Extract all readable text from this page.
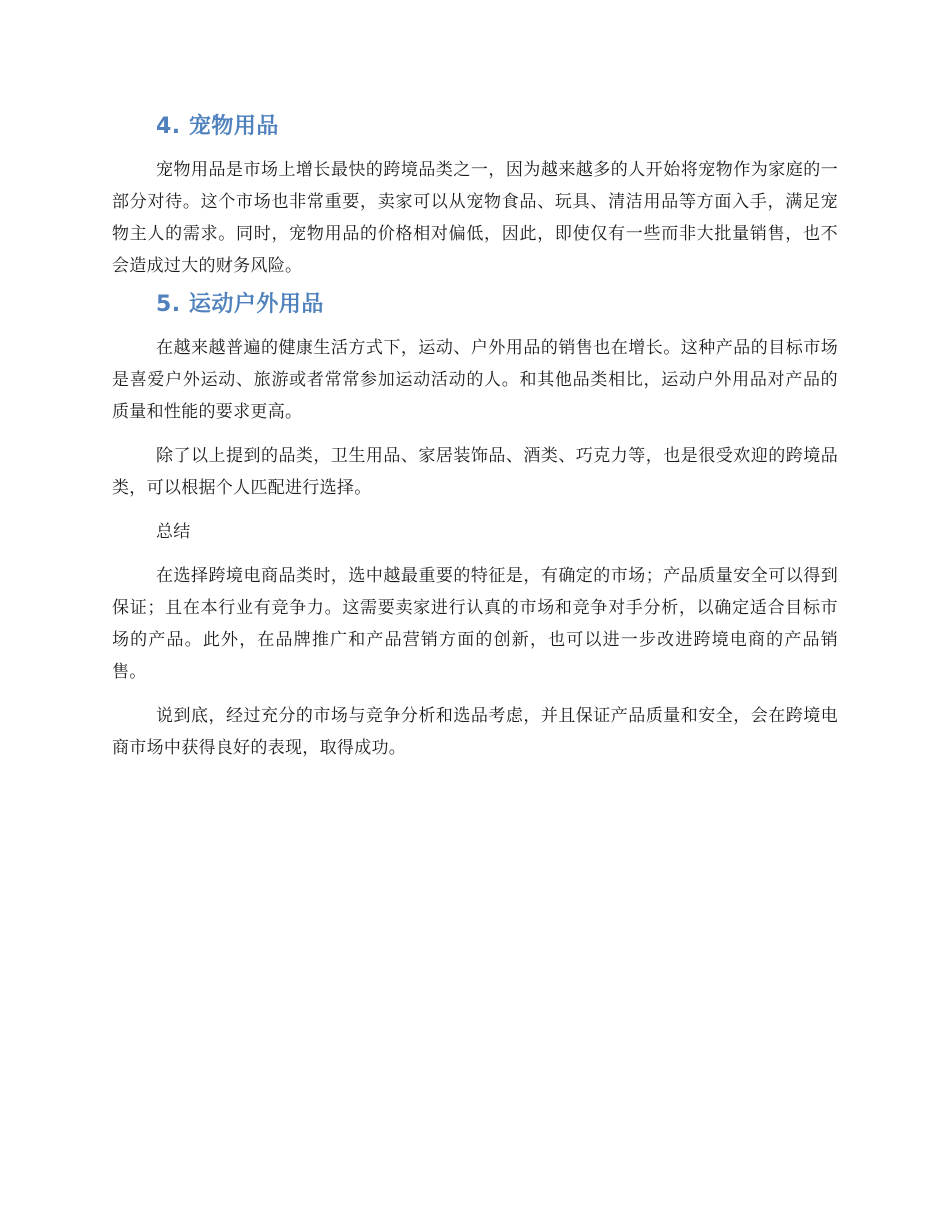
4. 宠物用品

宠物用品是市场上增长最快的跨境品类之一，因为越来越多的人开始将宠物作为家庭的一部分对待。这个市场也非常重要，卖家可以从宠物食品、玩具、清洁用品等方面入手，满足宠物主人的需求。同时，宠物用品的价格相对偏低，因此，即使仅有一些而非大批量销售，也不会造成过大的财务风险。

5. 运动户外用品

在越来越普遍的健康生活方式下，运动、户外用品的销售也在增长。这种产品的目标市场是喜爱户外运动、旅游或者常常参加运动活动的人。和其他品类相比，运动户外用品对产品的质量和性能的要求更高。

除了以上提到的品类，卫生用品、家居装饰品、酒类、巧克力等，也是很受欢迎的跨境品类，可以根据个人匹配进行选择。

总结

在选择跨境电商品类时，选中越最重要的特征是，有确定的市场；产品质量安全可以得到保证；且在本行业有竞争力。这需要卖家进行认真的市场和竞争对手分析，以确定适合目标市场的产品。此外，在品牌推广和产品营销方面的创新，也可以进一步改进跨境电商的产品销售。

说到底，经过充分的市场与竞争分析和选品考虑，并且保证产品质量和安全，会在跨境电商市场中获得良好的表现，取得成功。
